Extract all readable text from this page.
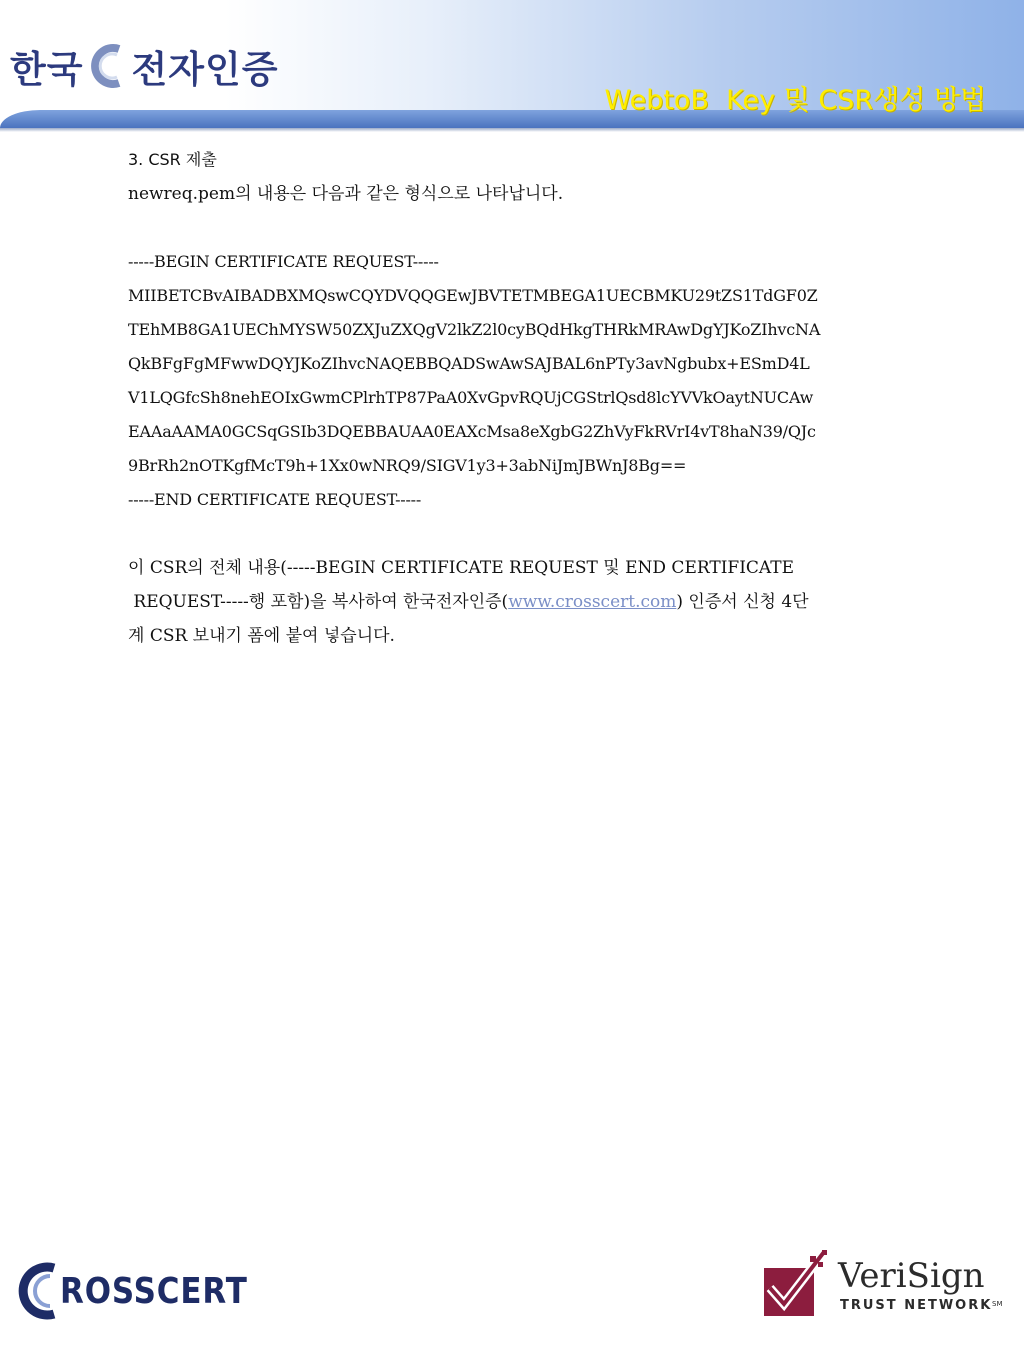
한국 전자인증
WebtoB  Key 및 CSR생성 방법

3. CSR 제출

newreq.pem의 내용은 다음과 같은 형식으로 나타납니다.

-----BEGIN CERTIFICATE REQUEST-----

MIIBETCBvAIBADBXMQswCQYDVQQGEwJBVTETMBEGA1UECBMKU29tZS1TdGF0Z

TEhMB8GA1UEChMYSW50ZXJuZXQgV2lkZ2l0cyBQdHkgTHRkMRAwDgYJKoZIhvcNA

QkBFgFgMFwwDQYJKoZIhvcNAQEBBQADSwAwSAJBAL6nPTy3avNgbubx+ESmD4L

V1LQGfcSh8nehEOIxGwmCPlrhTP87PaA0XvGpvRQUjCGStrlQsd8lcYVVkOaytNUCAw

EAAaAAMA0GCSqGSIb3DQEBBAUAA0EAXcMsa8eXgbG2ZhVyFkRVrI4vT8haN39/QJc

9BrRh2nOTKgfMcT9h+1Xx0wNRQ9/SIGV1y3+3abNiJmJBWnJ8Bg==

-----END CERTIFICATE REQUEST-----

이 CSR의 전체 내용(-----BEGIN CERTIFICATE REQUEST 및 END CERTIFICATE

REQUEST-----행 포함)을 복사하여 한국전자인증(www.crosscert.com) 인증서 신청 4단

계 CSR 보내기 폼에 붙여 넣습니다.

ROSSCERT	VeriSign
TRUST NETWORK SM
